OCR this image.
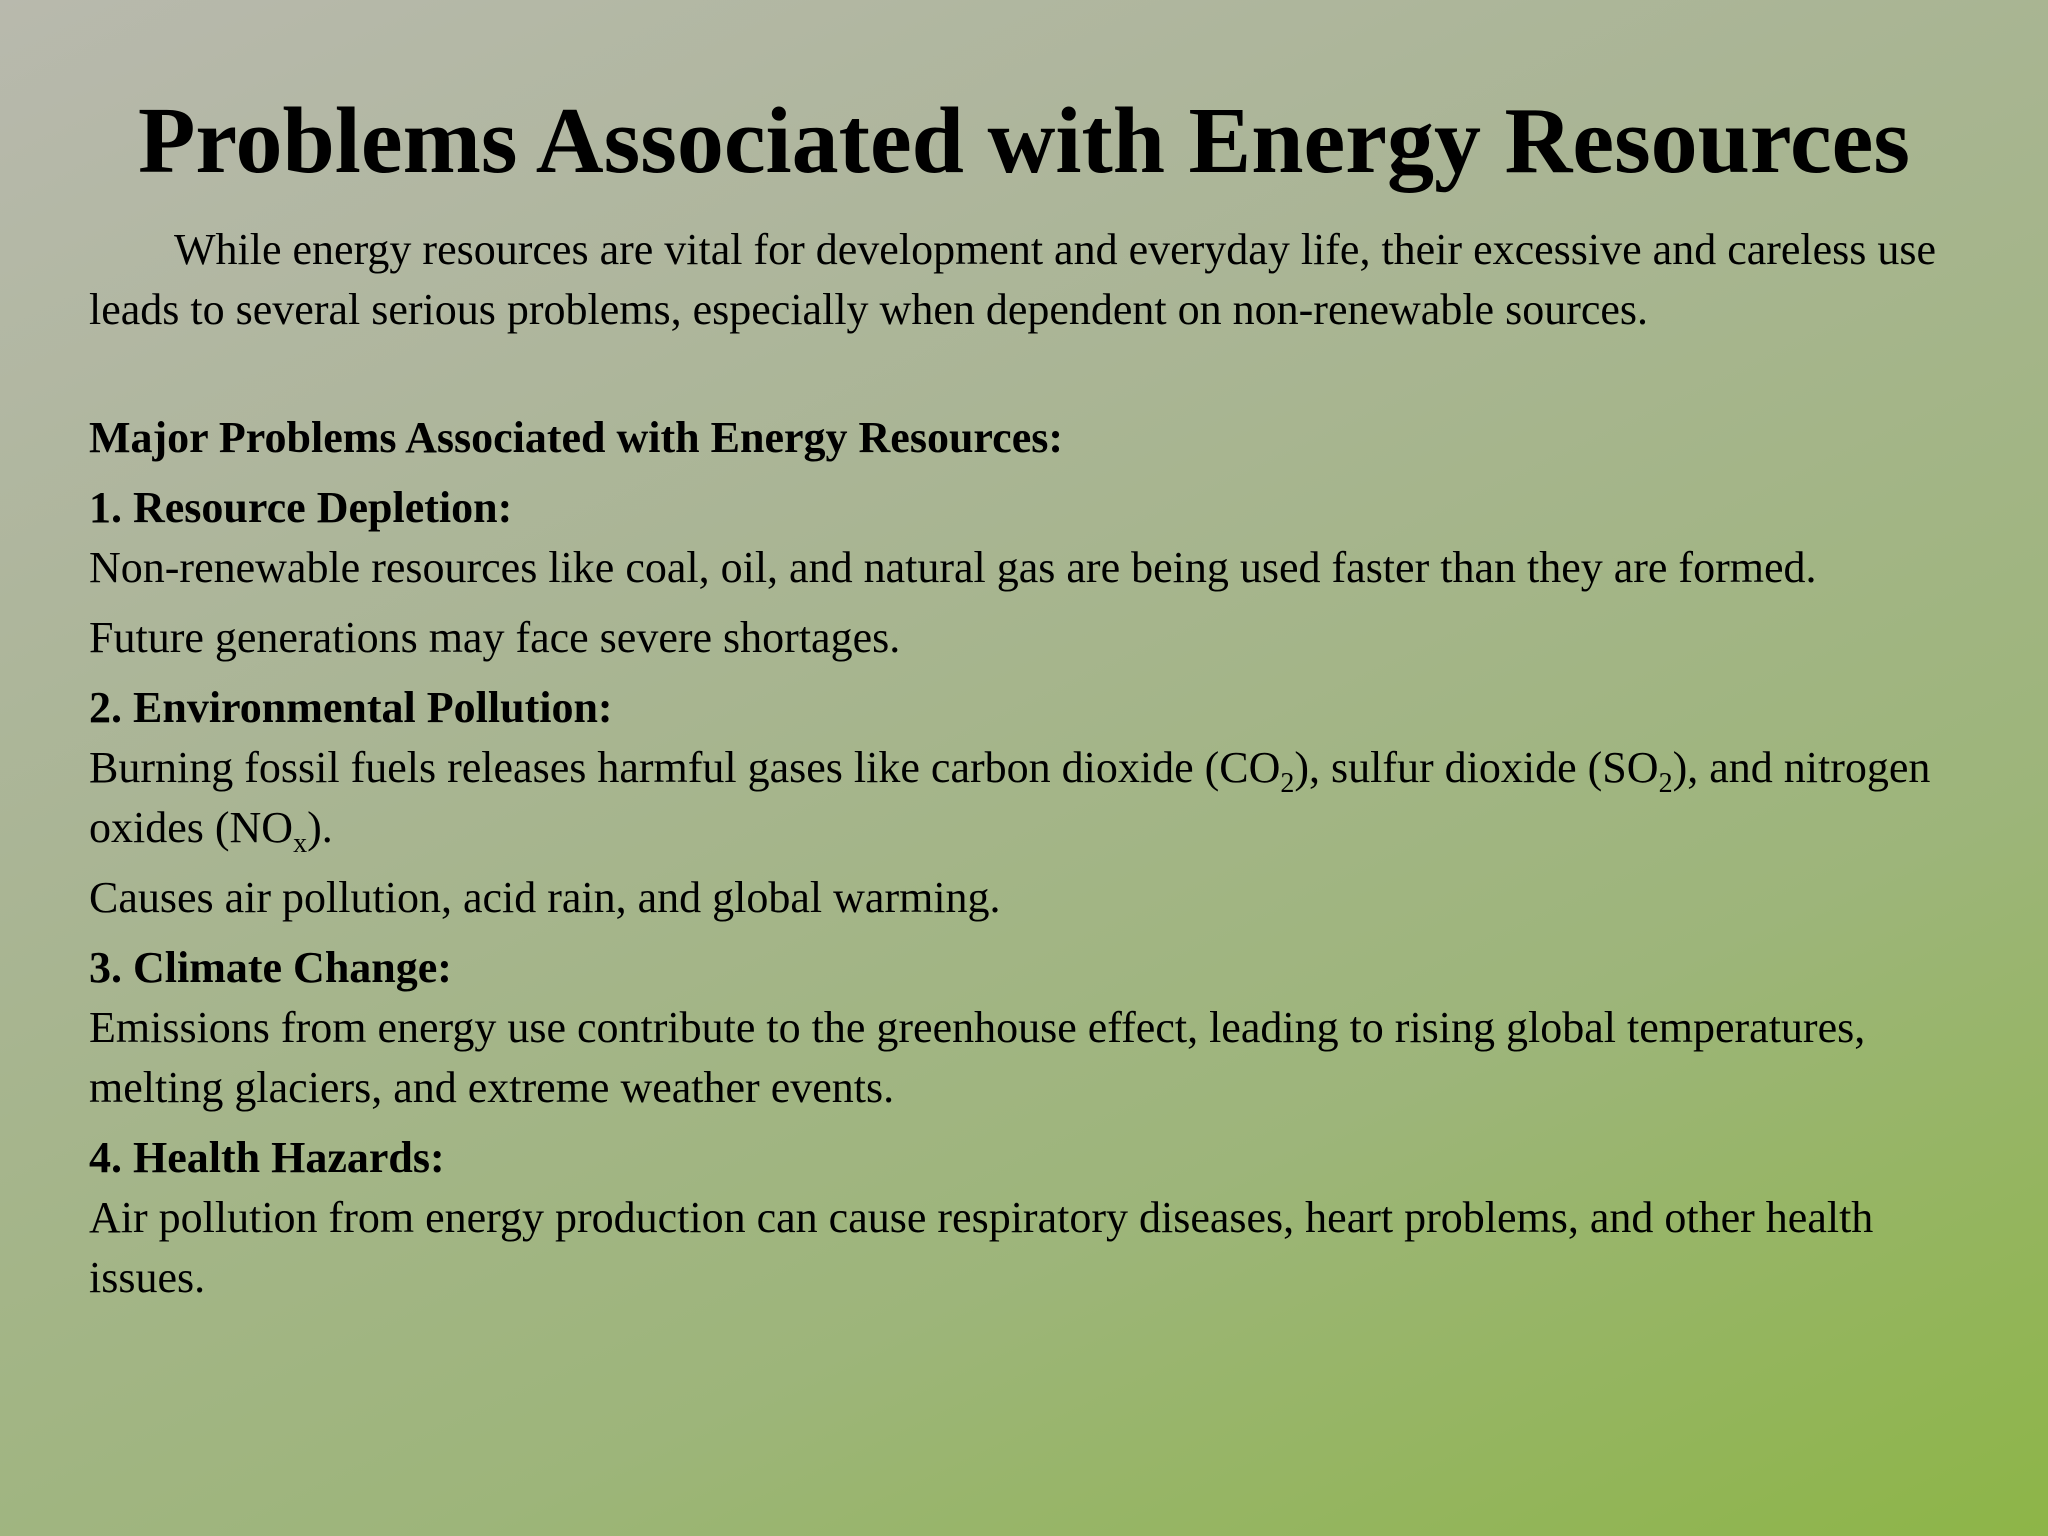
Problems Associated with Energy Resources

While energy resources are vital for development and everyday life, their excessive and careless use leads to several serious problems, especially when dependent on non-renewable sources.

Major Problems Associated with Energy Resources:

1. Resource Depletion:

Non-renewable resources like coal, oil, and natural gas are being used faster than they are formed.

Future generations may face severe shortages.

2. Environmental Pollution:

Burning fossil fuels releases harmful gases like carbon dioxide $(CO_2)$, sulfur dioxide $(SO_2)$, and nitrogen oxides $(NO_x)$.

Causes air pollution, acid rain, and global warming.

3. Climate Change:

Emissions from energy use contribute to the greenhouse effect, leading to rising global temperatures, melting glaciers, and extreme weather events.

4. Health Hazards:

Air pollution from energy production can cause respiratory diseases, heart problems, and other health issues.
